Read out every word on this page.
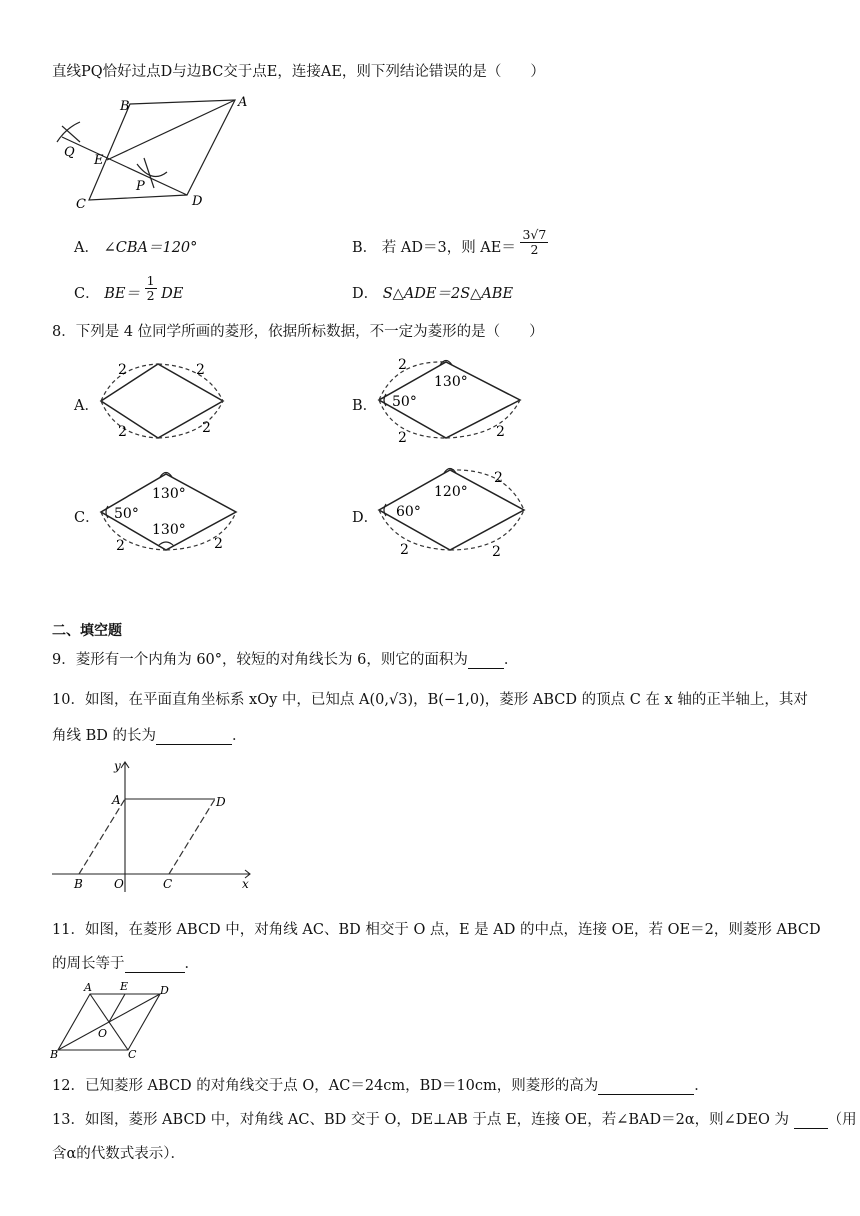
直线PQ恰好过点D与边BC交于点E，连接AE，则下列结论错误的是（　　）
B	A
Q
E
P
C	D
A． ∠CBA＝120°	B． 若 AD＝3，则 $AE= \frac{3√7}{2}$
C． $BE= \frac{1}{2}$ DE	D． S△ADE＝2S△ABE
8．下列是 4 位同学所画的菱形，依据所标数据，不一定为菱形的是（　　）
A．
2	2
2	2
B．
2
130°
50°
2	2
C．
130°
50°
130°
2	2
D．
2
120°
60°
2	2
二、填空题
9．菱形有一个内角为 60°，较短的对角线长为 6，则它的面积为 ．
10．如图，在平面直角坐标系 xOy 中，已知点 A(0,√3)，B(−1,0)，菱形 ABCD 的顶点 C 在 x 轴的正半轴上，其对
角线 BD 的长为	．
y
x
A	D
B	O	C
11．如图，在菱形 ABCD 中，对角线 AC、BD 相交于 O 点，E 是 AD 的中点，连接 OE，若 OE＝2，则菱形 ABCD
的周长等于	．
A	E	D
O
B	C
12．已知菱形 ABCD 的对角线交于点 O，AC＝24cm，BD＝10cm，则菱形的高为	．
13．如图，菱形 ABCD 中，对角线 AC、BD 交于 O，DE⊥AB 于点 E，连接 OE，若∠BAD＝2α，则∠DEO 为	（用
含α的代数式表示）．
